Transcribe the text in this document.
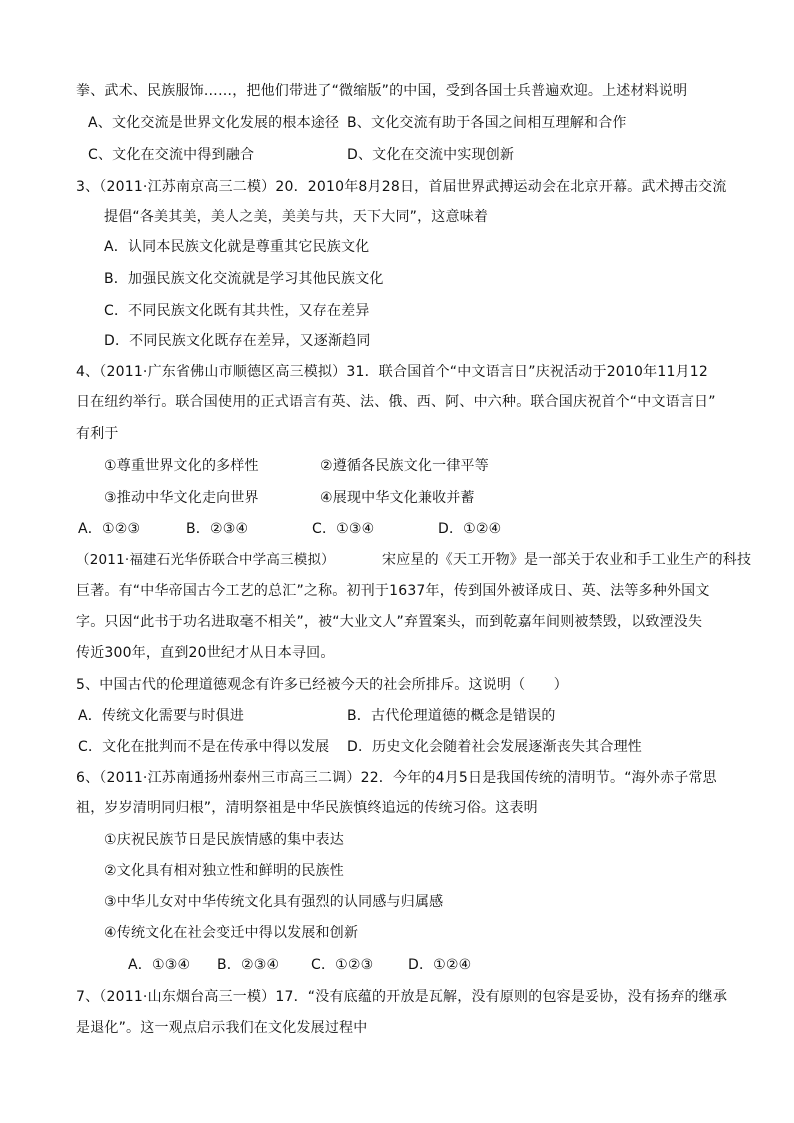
拳、武术、民族服饰……，把他们带进了“微缩版”的中国，受到各国士兵普遍欢迎。上述材料说明
A、文化交流是世界文化发展的根本途径 B、文化交流有助于各国之间相互理解和合作
C、文化在交流中得到融合	D、文化在交流中实现创新
3、（2011·江苏南京高三二模）20．2010年8月28日，首届世界武搏运动会在北京开幕。武术搏击交流
提倡“各美其美，美人之美，美美与共，天下大同”，这意味着
A．认同本民族文化就是尊重其它民族文化
B．加强民族文化交流就是学习其他民族文化
C．不同民族文化既有其共性，又存在差异
D．不同民族文化既存在差异，又逐渐趋同
4、（2011·广东省佛山市顺德区高三模拟）31．联合国首个“中文语言日”庆祝活动于2010年11月12
日在纽约举行。联合国使用的正式语言有英、法、俄、西、阿、中六种。联合国庆祝首个“中文语言日”
有利于
①尊重世界文化的多样性	②遵循各民族文化一律平等
③推动中华文化走向世界	④展现中华文化兼收并蓄
A．①②③	B．②③④	C．①③④	D．①②④
（2011·福建石光华侨联合中学高三模拟）	宋应星的《天工开物》是一部关于农业和手工业生产的科技
巨著。有“中华帝国古今工艺的总汇”之称。初刊于1637年，传到国外被译成日、英、法等多种外国文
字。只因“此书于功名进取毫不相关”，被“大业文人”弃置案头，而到乾嘉年间则被禁毁，以致湮没失
传近300年，直到20世纪才从日本寻回。
5、中国古代的伦理道德观念有许多已经被今天的社会所排斥。这说明（　　）
A．传统文化需要与时俱进	B．古代伦理道德的概念是错误的
C．文化在批判而不是在传承中得以发展 D．历史文化会随着社会发展逐渐丧失其合理性
6、（2011·江苏南通扬州泰州三市高三二调）22．今年的4月5日是我国传统的清明节。“海外赤子常思
祖，岁岁清明同归根”，清明祭祖是中华民族慎终追远的传统习俗。这表明
①庆祝民族节日是民族情感的集中表达
②文化具有相对独立性和鲜明的民族性
③中华儿女对中华传统文化具有强烈的认同感与归属感
④传统文化在社会变迁中得以发展和创新
A．①③④ B．②③④ C．①②③ D．①②④
7、（2011·山东烟台高三一模）17．“没有底蕴的开放是瓦解，没有原则的包容是妥协，没有扬弃的继承
是退化”。这一观点启示我们在文化发展过程中
